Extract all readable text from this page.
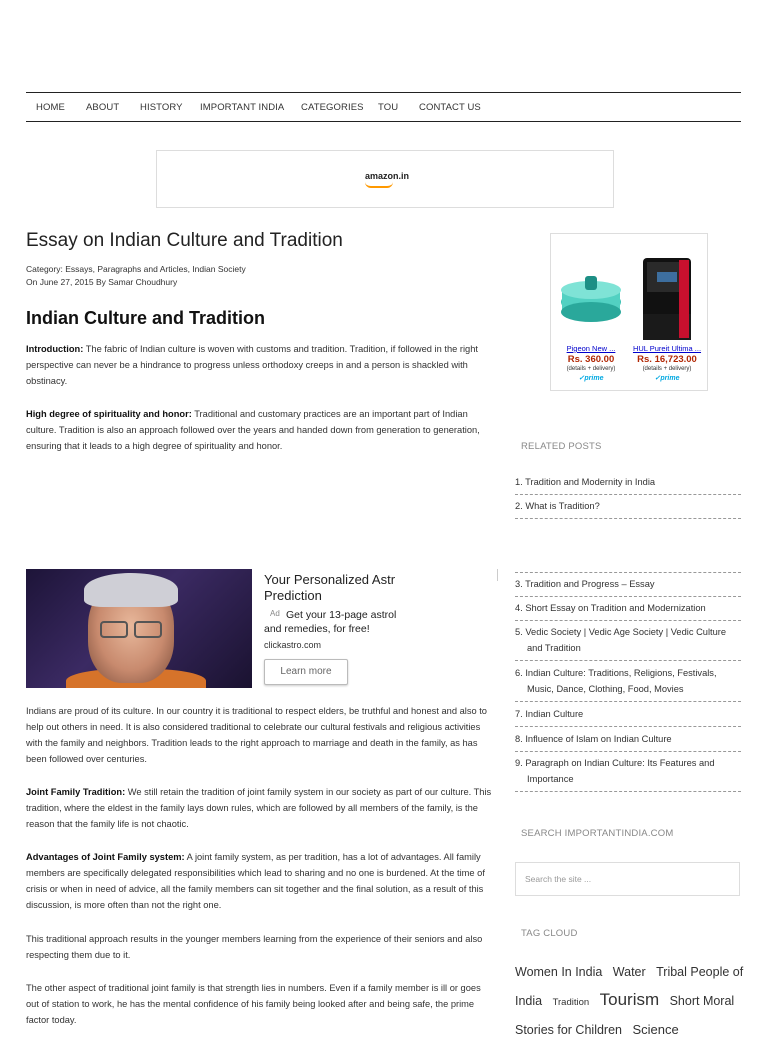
HOME ABOUT HISTORY IMPORTANT INDIA CATEGORIES TOU CONTACT US
amazon.in
Essay on Indian Culture and Tradition
Category: Essays, Paragraphs and Articles, Indian Society
On June 27, 2015 By Samar Choudhury
Indian Culture and Tradition

Introduction: The fabric of Indian culture is woven with customs and tradition. Tradition, if followed in the right perspective can never be a hindrance to progress unless orthodoxy creeps in and a person is shackled with obstinacy.

High degree of spirituality and honor: Traditional and customary practices are an important part of Indian culture. Tradition is also an approach followed over the years and handed down from generation to generation, ensuring that it leads to a high degree of spirituality and honor.

Your Personalized Astr
Prediction
Ad Get your 13-page astrol
and remedies, for free!
clickastro.com
Learn more

Indians are proud of its culture. In our country it is traditional to respect elders, be truthful and honest and also to help out others in need. It is also considered traditional to celebrate our cultural festivals and religious activities with the family and neighbors. Tradition leads to the right approach to marriage and death in the family, as has been followed over centuries.

Joint Family Tradition: We still retain the tradition of joint family system in our society as part of our culture. This tradition, where the eldest in the family lays down rules, which are followed by all members of the family, is the reason that the family life is not chaotic.

Advantages of Joint Family system: A joint family system, as per tradition, has a lot of advantages. All family members are specifically delegated responsibilities which lead to sharing and no one is burdened. At the time of crisis or when in need of advice, all the family members can sit together and the final solution, as a result of this discussion, is more often than not the right one.

This traditional approach results in the younger members learning from the experience of their seniors and also respecting them due to it.

The other aspect of traditional joint family is that strength lies in numbers. Even if a family member is ill or goes out of station to work, he has the mental confidence of his family being looked after and being safe, the prime factor today.

Pigeon New ...
Rs. 360.00
(details + delivery)
✓prime
HUL Pureit Ultima ...
Rs. 16,723.00
(details + delivery)
✓prime
RELATED POSTS
1. Tradition and Modernity in India
2. What is Tradition?
3. Tradition and Progress – Essay
4. Short Essay on Tradition and Modernization
5. Vedic Society | Vedic Age Society | Vedic Culture and Tradition
6. Indian Culture: Traditions, Religions, Festivals, Music, Dance, Clothing, Food, Movies
7. Indian Culture
8. Influence of Islam on Indian Culture
9. Paragraph on Indian Culture: Its Features and Importance
SEARCH IMPORTANTINDIA.COM
Search the site ...
TAG CLOUD
Women In India Water Tribal People of India Tradition Tourism Short Moral Stories for Children Science
